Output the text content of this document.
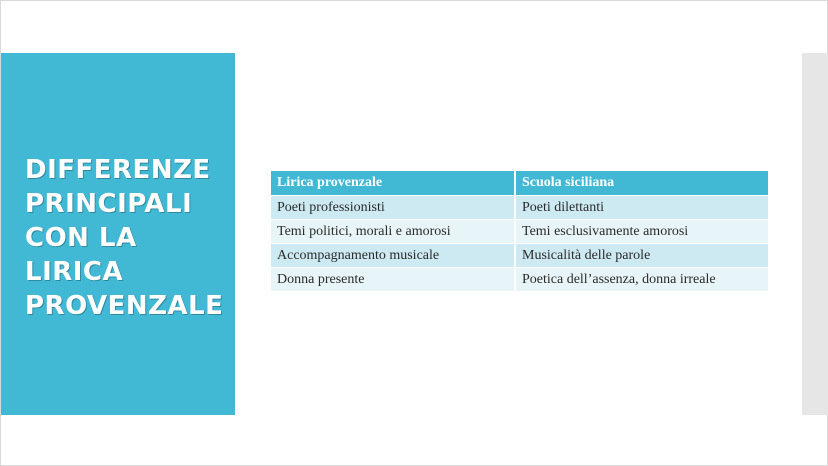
DIFFERENZE
PRINCIPALI
CON LA
LIRICA
PROVENZALE
Lirica provenzale	Scuola siciliana
Poeti professionisti	Poeti dilettanti
Temi politici, morali e amorosi	Temi esclusivamente amorosi
Accompagnamento musicale	Musicalità delle parole
Donna presente	Poetica dell’assenza, donna irreale
